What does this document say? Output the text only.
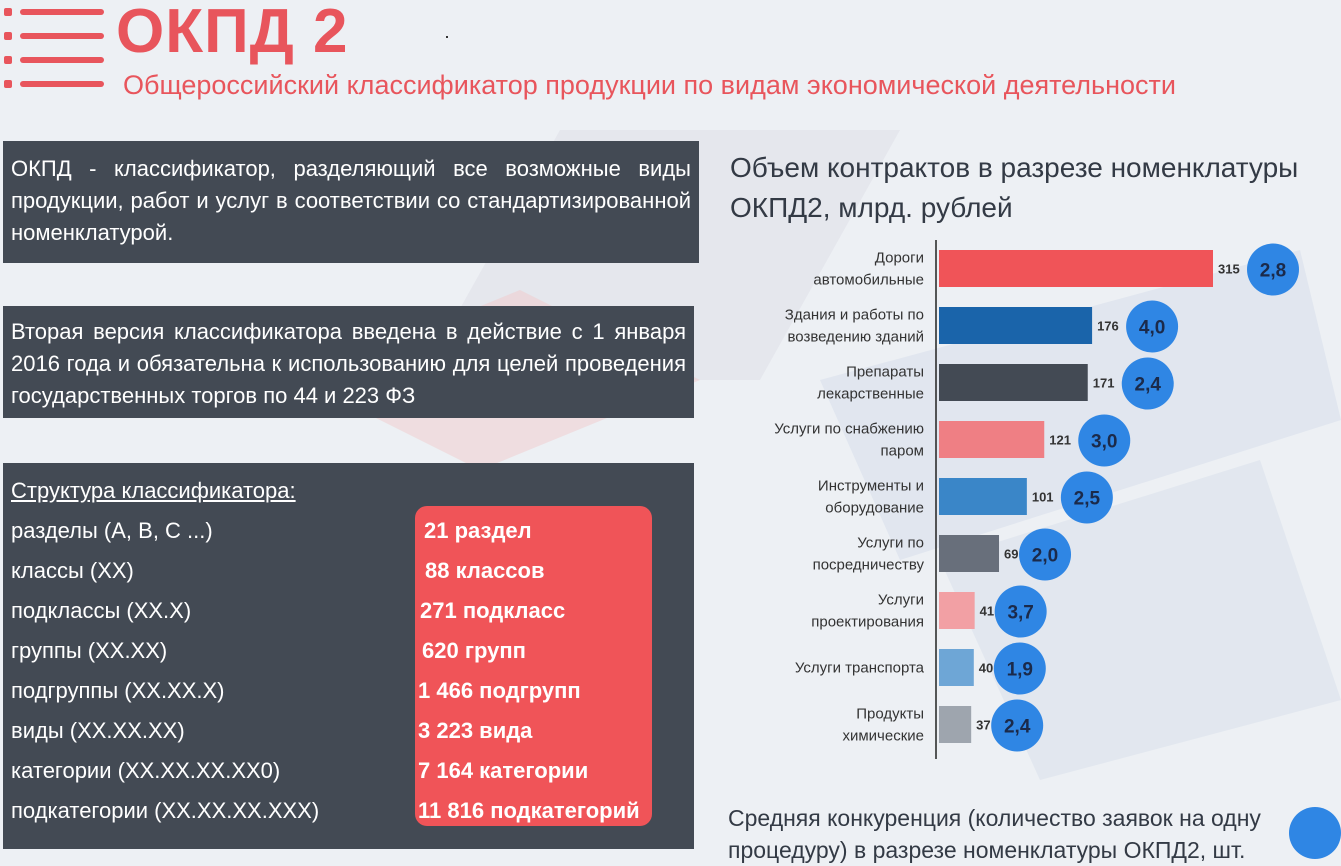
ОКПД 2
Общероссийский классификатор продукции по видам экономической деятельности

ОКПД - классификатор, разделяющий все возможные виды продукции, работ и услуг в соответствии со стандартизированной номенклатурой.

Вторая версия классификатора введена в действие с 1 января 2016 года и обязательна к использованию для целей проведения государственных торгов по 44 и 223 ФЗ

Структура классификатора:
разделы (А, В, С ...)
классы (XX)
подклассы (XX.X)
группы (XX.XX)
подгруппы (XX.XX.X)
виды (XX.XX.XX)
категории (XX.XX.XX.XX0)
подкатегории (XX.XX.XX.XXX)
21 раздел
88 классов
271 подкласс
620 групп
1 466 подгрупп
3 223 вида
7 164 категории
11 816 подкатегорий
Объем контрактов в разрезе номенклатуры ОКПД2, млрд. рублей
315 2,8
Дороги
автомобильные
176 4,0
Здания и работы по
возведению зданий
171 2,4
Препараты
лекарственные
121 3,0
Услуги по снабжению
паром
101 2,5
Инструменты и
оборудование
69 2,0
Услуги по
посредничеству
41 3,7
Услуги
проектирования
40 1,9
Услуги транспорта
37 2,4
Продукты
химические
Средняя конкуренция (количество заявок на одну процедуру) в разрезе номенклатуры ОКПД2, шт.
